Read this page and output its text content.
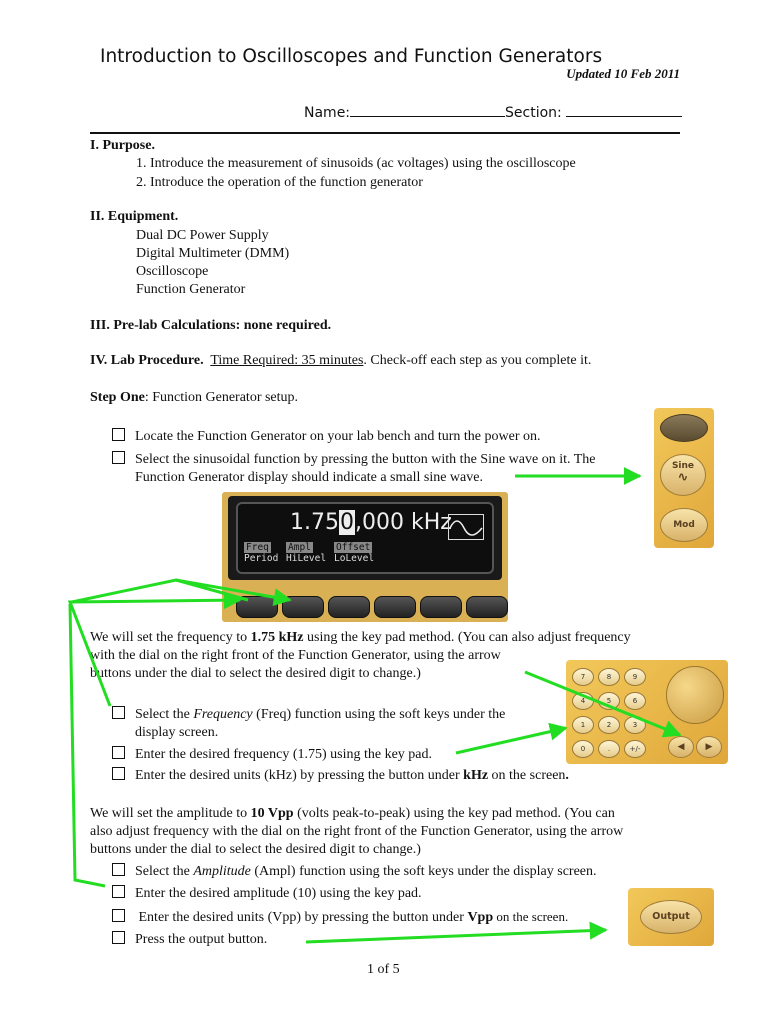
Introduction to Oscilloscopes and Function Generators
Updated 10 Feb 2011
Name:	Section:
I. Purpose.
1. Introduce the measurement of sinusoids (ac voltages) using the oscilloscope
2. Introduce the operation of the function generator
II. Equipment.
Dual DC Power Supply
Digital Multimeter (DMM)
Oscilloscope
Function Generator
III. Pre-lab Calculations: none required.
IV. Lab Procedure. Time Required: 35 minutes. Check-off each step as you complete it.
Step One: Function Generator setup.
Locate the Function Generator on your lab bench and turn the power on.
Select the sinusoidal function by pressing the button with the Sine wave on it. The
Function Generator display should indicate a small sine wave.
Sine
∿
Mod
1.750,000 kHz
Freq
Period
Ampl
HiLevel
Offset
LoLevel
We will set the frequency to 1.75 kHz using the key pad method. (You can also adjust frequency
with the dial on the right front of the Function Generator, using the arrow
buttons under the dial to select the desired digit to change.)	7	8	9
4	5	6
1	2	3
0	.	+/-	◀	▶
Select the Frequency (Freq) function using the soft keys under the
display screen.
Enter the desired frequency (1.75) using the key pad.
Enter the desired units (kHz) by pressing the button under kHz on the screen.
We will set the amplitude to 10 Vpp (volts peak-to-peak) using the key pad method. (You can
also adjust frequency with the dial on the right front of the Function Generator, using the arrow
buttons under the dial to select the desired digit to change.)
Select the Amplitude (Ampl) function using the soft keys under the display screen.
Enter the desired amplitude (10) using the key pad.
Enter the desired units (Vpp) by pressing the button under Vpp on the screen.
Press the output button.
Output
1 of 5
